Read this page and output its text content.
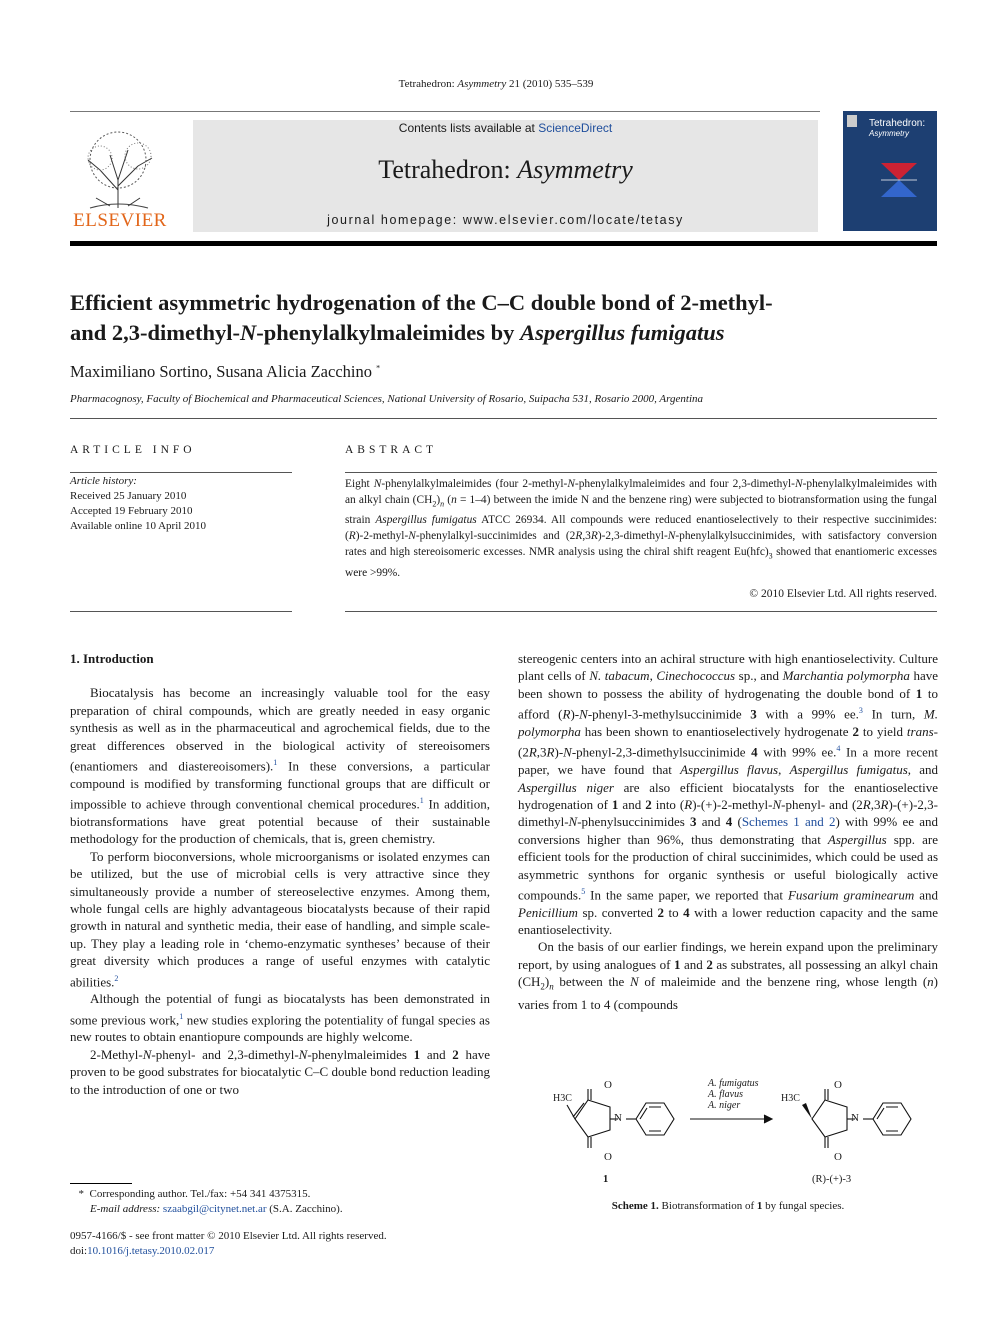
Tetrahedron: Asymmetry 21 (2010) 535–539
ELSEVIER
Contents lists available at ScienceDirect
Tetrahedron: Asymmetry
journal homepage: www.elsevier.com/locate/tetasy
Tetrahedron:
Asymmetry
Efficient asymmetric hydrogenation of the C–C double bond of 2-methyl-
and 2,3-dimethyl-N-phenylalkylmaleimides by Aspergillus fumigatus
Maximiliano Sortino, Susana Alicia Zacchino *
Pharmacognosy, Faculty of Biochemical and Pharmaceutical Sciences, National University of Rosario, Suipacha 531, Rosario 2000, Argentina
ARTICLE INFO
Article history:
Received 25 January 2010
Accepted 19 February 2010
Available online 10 April 2010
ABSTRACT
Eight N-phenylalkylmaleimides (four 2-methyl-N-phenylalkylmaleimides and four 2,3-dimethyl-N-phenylalkylmaleimides with an alkyl chain $(CH_2)_n$ (n = 1–4) between the imide N and the benzene ring) were subjected to biotransformation using the fungal strain Aspergillus fumigatus ATCC 26934. All compounds were reduced enantioselectively to their respective succinimides: (R)-2-methyl-N-phenylalkyl-succinimides and (2R,3R)-2,3-dimethyl-N-phenylalkylsuccinimides, with satisfactory conversion rates and high stereoisomeric excesses. NMR analysis using the chiral shift reagent $Eu(hfc)_3$ showed that enantiomeric excesses were >99%.
© 2010 Elsevier Ltd. All rights reserved.
1. Introduction

Biocatalysis has become an increasingly valuable tool for the easy preparation of chiral compounds, which are greatly needed in easy organic synthesis as well as in the pharmaceutical and agrochemical fields, due to the great differences observed in the biological activity of stereoisomers (enantiomers and diastereoisomers).$^1$ In these conversions, a particular compound is modified by transforming functional groups that are difficult or impossible to achieve through conventional chemical procedures.$^1$ In addition, biotransformations have great potential because of their sustainable methodology for the production of chemicals, that is, green chemistry.

To perform bioconversions, whole microorganisms or isolated enzymes can be utilized, but the use of microbial cells is very attractive since they simultaneously provide a number of stereoselective enzymes. Among them, whole fungal cells are highly advantageous biocatalysts because of their rapid growth in natural and synthetic media, their ease of handling, and simple scale-up. They play a leading role in ‘chemo-enzymatic syntheses’ because of their great diversity which produces a range of useful enzymes with catalytic abilities.$^2$

Although the potential of fungi as biocatalysts has been demonstrated in some previous work,$^1$ new studies exploring the potentiality of fungal species as new routes to obtain enantiopure compounds are highly welcome.

2-Methyl-N-phenyl- and 2,3-dimethyl-N-phenylmaleimides 1 and 2 have proven to be good substrates for biocatalytic C–C double bond reduction leading to the introduction of one or two

stereogenic centers into an achiral structure with high enantioselectivity. Culture plant cells of N. tabacum, Cinechococcus sp., and Marchantia polymorpha have been shown to possess the ability of hydrogenating the double bond of 1 to afford (R)-N-phenyl-3-methylsuccinimide 3 with a 99% ee.$^3$ In turn, M. polymorpha has been shown to enantioselectively hydrogenate 2 to yield trans-(2R,3R)-N-phenyl-2,3-dimethylsuccinimide 4 with 99% ee.$^4$ In a more recent paper, we have found that Aspergillus flavus, Aspergillus fumigatus, and Aspergillus niger are also efficient biocatalysts for the enantioselective hydrogenation of 1 and 2 into (R)-(+)-2-methyl-N-phenyl- and (2R,3R)-(+)-2,3-dimethyl-N-phenylsuccinimides 3 and 4 (Schemes 1 and 2) with 99% ee and conversions higher than 96%, thus demonstrating that Aspergillus spp. are efficient tools for the production of chiral succinimides, which could be used as asymmetric synthons for organic synthesis or useful biologically active compounds.$^5$ In the same paper, we reported that Fusarium graminearum and Penicillium sp. converted 2 to 4 with a lower reduction capacity and the same enantioselectivity.

On the basis of our earlier findings, we herein expand upon the preliminary report, by using analogues of 1 and 2 as substrates, all possessing an alkyl chain $(CH_2)_n$ between the N of maleimide and the benzene ring, whose length (n) varies from 1 to 4 (compounds

O
O
N
H3C
A. fumigatus
A. flavus
A. niger
O
O
N
H3C
1	(R)-(+)-3
Scheme 1. Biotransformation of 1 by fungal species.
* Corresponding author. Tel./fax: +54 341 4375315.
E-mail address: szaabgil@citynet.net.ar (S.A. Zacchino).
0957-4166/$ - see front matter © 2010 Elsevier Ltd. All rights reserved.
doi:10.1016/j.tetasy.2010.02.017
